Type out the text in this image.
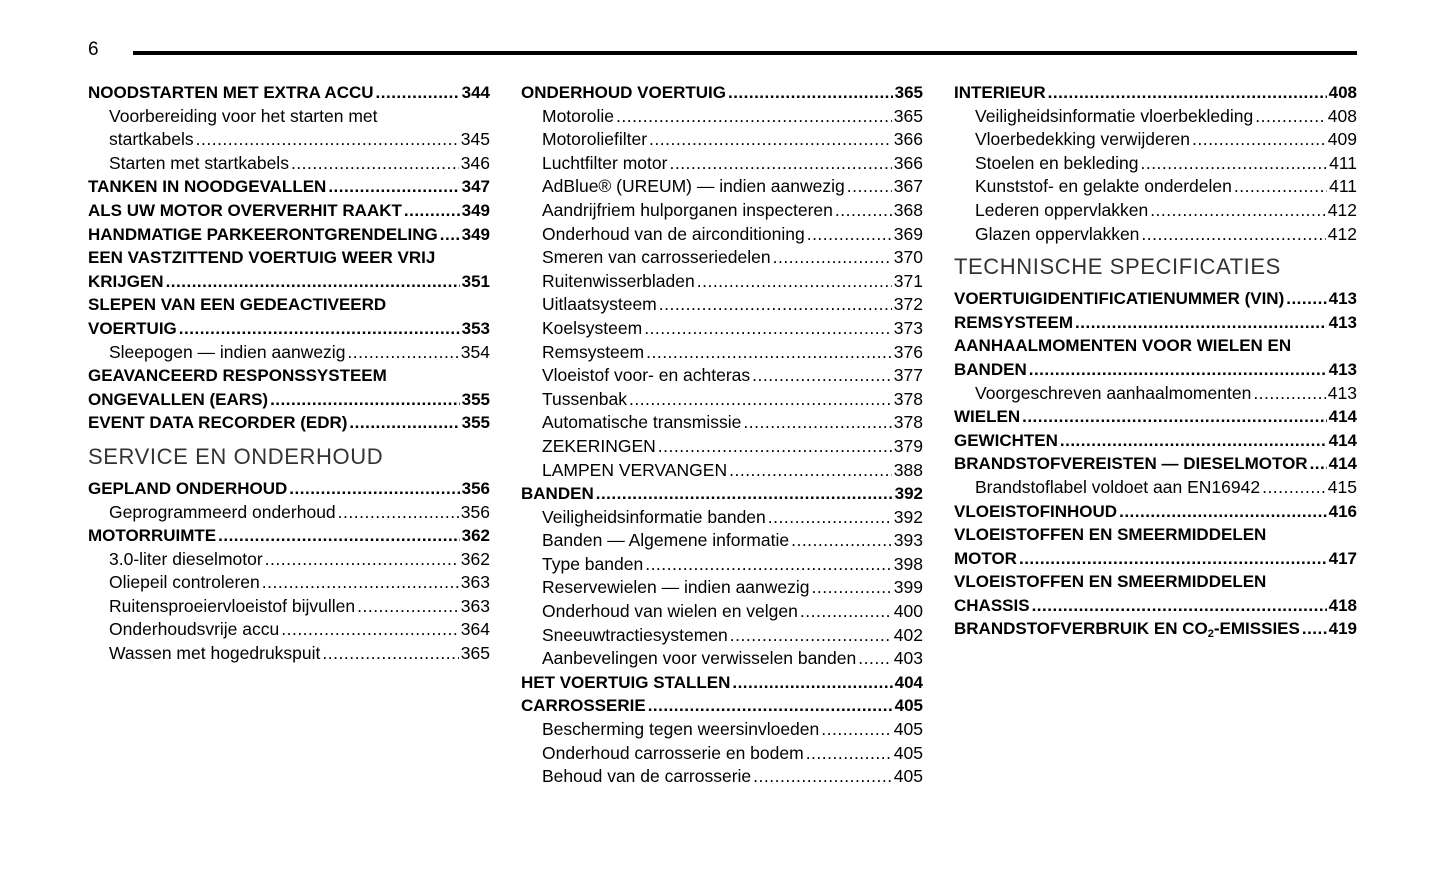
6
NOODSTARTEN MET EXTRA ACCU .....	344
Voorbereiding voor het starten met
startkabels .....	345
Starten met startkabels .....	346
TANKEN IN NOODGEVALLEN .....	347
ALS UW MOTOR OVERVERHIT RAAKT .....	349
HANDMATIGE PARKEERONTGRENDELING ..... 349
EEN VASTZITTEND VOERTUIG WEER VRIJ
KRIJGEN .....	351
SLEPEN VAN EEN GEDEACTIVEERD
VOERTUIG .....	353
Sleepogen — indien aanwezig .....	354
GEAVANCEERD RESPONSSYSTEEM
ONGEVALLEN (EARS) .....	355
EVENT DATA RECORDER (EDR) .....	355
SERVICE EN ONDERHOUD
GEPLAND ONDERHOUD .....	356
Geprogrammeerd onderhoud .....	356
MOTORRUIMTE .....	362
3.0-liter dieselmotor .....	362
Oliepeil controleren .....	363
Ruitensproeiervloeistof bijvullen .....	363
Onderhoudsvrije accu .....	364
Wassen met hogedrukspuit .....	365
ONDERHOUD VOERTUIG .....	365
Motorolie .....	365
Motoroliefilter .....	366
Luchtfilter motor .....	366
AdBlue® (UREUM) — indien aanwezig .....	367
Aandrijfriem hulporganen inspecteren .....	368
Onderhoud van de airconditioning .....	369
Smeren van carrosseriedelen .....	370
Ruitenwisserbladen .....	371
Uitlaatsysteem .....	372
Koelsysteem .....	373
Remsysteem .....	376
Vloeistof voor- en achteras .....	377
Tussenbak .....	378
Automatische transmissie .....	378
ZEKERINGEN .....	379
LAMPEN VERVANGEN .....	388
BANDEN .....	392
Veiligheidsinformatie banden .....	392
Banden — Algemene informatie .....	393
Type banden .....	398
Reservewielen — indien aanwezig .....	399
Onderhoud van wielen en velgen .....	400
Sneeuwtractiesystemen .....	402
Aanbevelingen voor verwisselen banden ..... 403
HET VOERTUIG STALLEN .....	404
CARROSSERIE .....	405
Bescherming tegen weersinvloeden .....	405
Onderhoud carrosserie en bodem .....	405
Behoud van de carrosserie .....	405
INTERIEUR .....	408
Veiligheidsinformatie vloerbekleding .....	408
Vloerbedekking verwijderen .....	409
Stoelen en bekleding .....	411
Kunststof- en gelakte onderdelen .....	411
Lederen oppervlakken .....	412
Glazen oppervlakken .....	412
TECHNISCHE SPECIFICATIES
VOERTUIGIDENTIFICATIENUMMER (VIN) .....	413
REMSYSTEEM .....	413
AANHAALMOMENTEN VOOR WIELEN EN
BANDEN .....	413
Voorgeschreven aanhaalmomenten .....	413
WIELEN .....	414
GEWICHTEN .....	414
BRANDSTOFVEREISTEN — DIESELMOTOR ..... 414
Brandstoflabel voldoet aan EN16942 .....	415
VLOEISTOFINHOUD .....	416
VLOEISTOFFEN EN SMEERMIDDELEN
MOTOR .....	417
VLOEISTOFFEN EN SMEERMIDDELEN
CHASSIS .....	418
BRANDSTOFVERBRUIK EN $CO_2$-EMISSIES ..... 419
